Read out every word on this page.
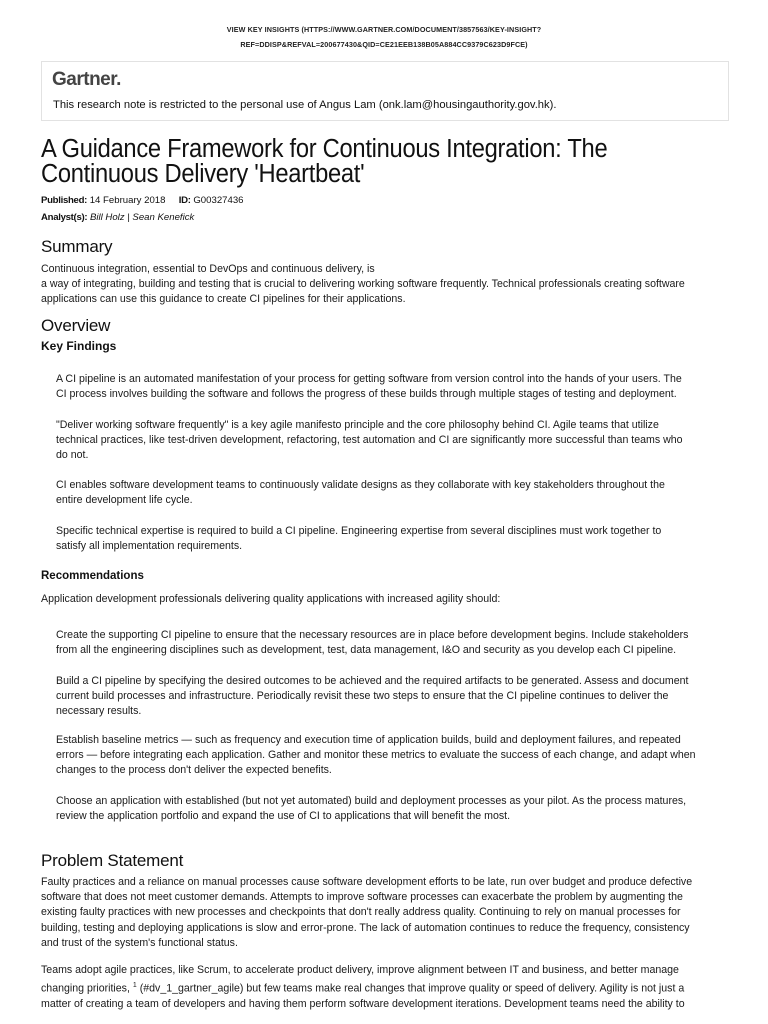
VIEW KEY INSIGHTS (HTTPS://WWW.GARTNER.COM/DOCUMENT/3857563/KEY-INSIGHT?
REF=DDISP&REFVAL=200677430&QID=CE21EEB138B05A884CC9379C623D9FCE)
Gartner.
This research note is restricted to the personal use of Angus Lam (onk.lam@housingauthority.gov.hk).
A Guidance Framework for Continuous Integration: The
Continuous Delivery 'Heartbeat'
Published: 14 February 2018 ID: G00327436
Analyst(s): Bill Holz | Sean Kenefick
Summary
Continuous integration, essential to DevOps and continuous delivery, is
a way of integrating, building and testing that is crucial to delivering working software frequently. Technical professionals creating software
applications can use this guidance to create CI pipelines for their applications.
Overview
Key Findings
A CI pipeline is an automated manifestation of your process for getting software from version control into the hands of your users. The
CI process involves building the software and follows the progress of these builds through multiple stages of testing and deployment.
"Deliver working software frequently" is a key agile manifesto principle and the core philosophy behind CI. Agile teams that utilize
technical practices, like test-driven development, refactoring, test automation and CI are significantly more successful than teams who
do not.
CI enables software development teams to continuously validate designs as they collaborate with key stakeholders throughout the
entire development life cycle.
Specific technical expertise is required to build a CI pipeline. Engineering expertise from several disciplines must work together to
satisfy all implementation requirements.
Recommendations
Application development professionals delivering quality applications with increased agility should:
Create the supporting CI pipeline to ensure that the necessary resources are in place before development begins. Include stakeholders
from all the engineering disciplines such as development, test, data management, I&O and security as you develop each CI pipeline.
Build a CI pipeline by specifying the desired outcomes to be achieved and the required artifacts to be generated. Assess and document
current build processes and infrastructure. Periodically revisit these two steps to ensure that the CI pipeline continues to deliver the
necessary results.
Establish baseline metrics — such as frequency and execution time of application builds, build and deployment failures, and repeated
errors — before integrating each application. Gather and monitor these metrics to evaluate the success of each change, and adapt when
changes to the process don't deliver the expected benefits.
Choose an application with established (but not yet automated) build and deployment processes as your pilot. As the process matures,
review the application portfolio and expand the use of CI to applications that will benefit the most.
Problem Statement
Faulty practices and a reliance on manual processes cause software development efforts to be late, run over budget and produce defective
software that does not meet customer demands. Attempts to improve software processes can exacerbate the problem by augmenting the
existing faulty practices with new processes and checkpoints that don't really address quality. Continuing to rely on manual processes for
building, testing and deploying applications is slow and error-prone. The lack of automation continues to reduce the frequency, consistency
and trust of the system's functional status.
Teams adopt agile practices, like Scrum, to accelerate product delivery, improve alignment between IT and business, and better manage
changing priorities, $^1$ (#dv_1_gartner_agile) but few teams make real changes that improve quality or speed of delivery. Agility is not just a
matter of creating a team of developers and having them perform software development iterations. Development teams need the ability to
